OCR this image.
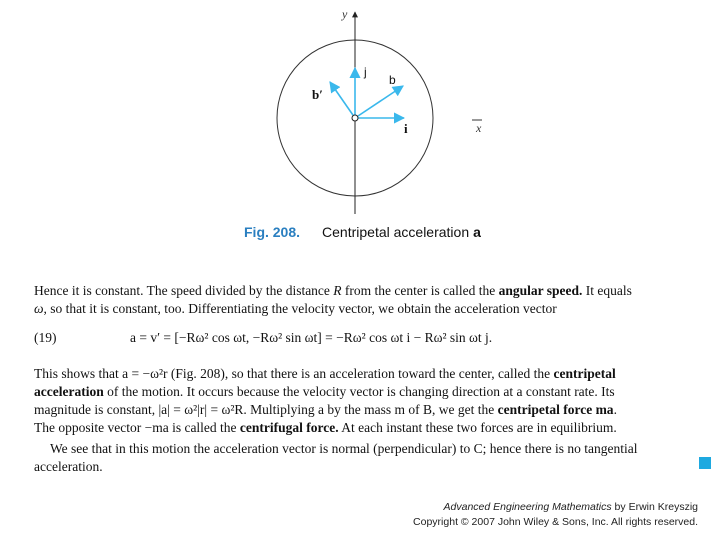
y
x
j
b
b′
i
Fig. 208. Centripetal acceleration a
Hence it is constant. The speed divided by the distance R from the center is called the angular speed. It equals
ω, so that it is constant, too. Differentiating the velocity vector, we obtain the acceleration vector
(19)	a = v′ = [−Rω² cos ωt, −Rω² sin ωt] = −Rω² cos ωt i − Rω² sin ωt j.
This shows that a = −ω²r (Fig. 208), so that there is an acceleration toward the center, called the centripetal
acceleration of the motion. It occurs because the velocity vector is changing direction at a constant rate. Its
magnitude is constant, |a| = ω²|r| = ω²R. Multiplying a by the mass m of B, we get the centripetal force ma.
The opposite vector −ma is called the centrifugal force. At each instant these two forces are in equilibrium.
We see that in this motion the acceleration vector is normal (perpendicular) to C; hence there is no tangential
acceleration.
Advanced Engineering Mathematics by Erwin Kreyszig
Copyright © 2007 John Wiley & Sons, Inc. All rights reserved.
